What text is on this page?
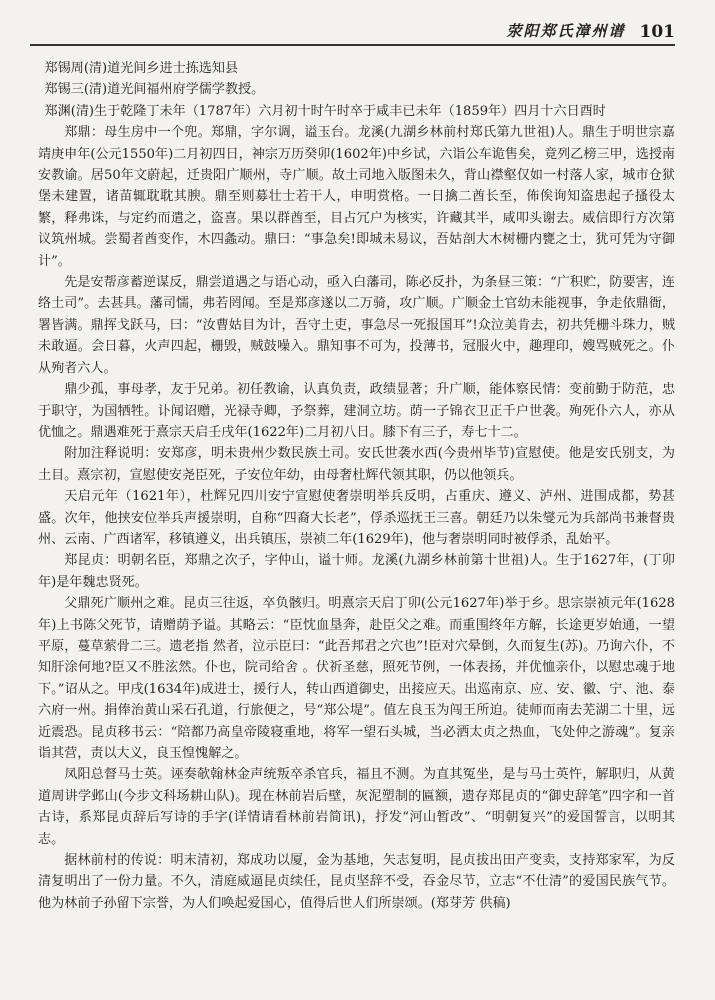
荥阳郑氏漳州谱 101

郑锡周(清)道光间乡进士拣选知县

郑锡三(清)道光间福州府学儒学教授。

郑渊(清)生于乾隆丁未年（1787年）六月初十时午时卒于咸丰已未年（1859年）四月十六日酉时

郑鼎：母生房中一个兜。郑鼎，字尔调，谥玉台。龙溪(九湖乡林前村郑氏第九世祖)人。鼎生于明世宗嘉靖庚申年(公元1550年)二月初四日，神宗万历癸卯(1602年)中乡试，六诣公车诡售矣，竟列乙榜三甲，选授南安教谕。居50年文蔚起，迁贵阳广顺州，寺广顺。故土司地入版图未久，背山襟壑仅如一村落人家，城市仓狱堡未建置，诸苗辄耽耽其腴。鼎至则募壮士若干人，申明赏格。一日擒二酋长至，佈俟询知盗患起子搔役太繁，释弗诛，与定约而遣之，盗喜。果以群酋至，目占冗户为核实，许藏其半，咸叩头谢去。威信即行方次第议筑州城。尝蜀者酋变作，木四螽动。鼎曰：“事急矣!即城未易议，吾姑剖大木树栅内甕之士，犹可凭为守御计”。

先是安帮彦蓄逆谋反，鼎尝道遇之与语心动，亟入白藩司，陈必反扑，为条昼三策：“广积贮，防要害，连络土司”。去甚具。藩司懦，弗若罔闻。至是郑彦遂以二万骑，攻广顺。广顺金土官幼未能视事，争走依鼎衙，署皆满。鼎挥戈跃马，曰：“汝曹姑目为计，吾守土吏，事急尽一死报国耳”!众泣美肯去，初共凭栅斗珠力，贼未敢逼。会日暮，火声四起，栅毁，贼鼓噪入。鼎知事不可为，投薄书，冠服火中，趣理印，嫂骂贼死之。仆从殉者六人。

鼎少孤，事母孝，友于兄弟。初任教谕，认真负责，政绩显著；升广顺，能体察民情：变前勤于防范，忠于职守，为国牺牲。讣闻诏赠，光禄寺卿，予祭葬，建洞立坊。荫一子锦衣卫正千户世袭。殉死仆六人，亦从优恤之。鼎遇难死于熹宗天启壬戌年(1622年)二月初八日。膝下有三子，寿七十二。

附加注释说明：安郑彦，明未贵州少数民族土司。安氏世袭水西(今贵州毕节)宣慰使。他是安氏别支，为土目。熹宗初，宣慰使安尧臣死，子安位年幼，由母奢杜辉代领其职，仍以他领兵。

天启元年（1621年），杜辉兄四川安宁宣慰使奢崇明举兵反明，占重庆、遵义、泸州、进围成都，势甚盛。次年，他挟安位举兵声援崇明，自称“四裔大长老”，俘杀巡抚王三喜。朝廷乃以朱燮元为兵部尚书兼督贵州、云南、广西诸军，移镇遵义，出兵镇压，崇祯二年(1629年)，他与奢崇明同时被俘杀，乱始平。

郑昆贞：明朝名臣，郑鼎之次子，字仲山，谥十师。龙溪(九湖乡林前第十世祖)人。生于1627年，(丁卯年)是年魏忠贤死。

父鼎死广顺州之难。昆贞三往返，卒负骸归。明熹宗天启丁卯(公元1627年)举于乡。思宗崇祯元年(1628年)上书陈父死节，请赠荫予谥。其略云：“臣忱血垦奔，赴臣父之难。而重围终年方解，长途更岁始通，一望平原，蔓草萦骨二三。遗老指 然者，泣示臣曰：“此吾邦君之穴也”!臣对穴晕倒，久而复生(苏)。乃询六仆，不知肝涂何地?臣又不胜泫然。仆也，院司给舍 。伏祈圣慈，照死节例，一体表扬，并优恤亲仆，以慰忠魂于地下。”诏从之。甲戌(1634年)成进士，援行人，转山西道御史，出接应天。出巡南京、应、安、徽、宁、池、泰六府一州。捐俸治黄山采石孔道，行旅便之，号“郑公堤”。值左良玉为闯王所迫。徒师而南去芜湖二十里，远近震恐。昆贞移书云：“陪都乃高皇帝陵寝重地，将军一望石头城，当必洒太贞之热血，飞处仲之游魂”。复亲诣其营，责以大义，良玉惶愧解之。

凤阳总督马士英。诬奏欹翰林金声统叛卒杀官兵，福且不测。为直其冤坐，是与马士英忤，解职归，从黄道周讲学邺山(今步文科场耕山队)。现在林前岩后壁，灰泥塑制的匾额，遗存郑昆贞的“御史辞笔”四字和一首古诗，系郑昆贞辞后写诗的手字(详情请看林前岩简讯)，抒发“河山暂改”、“明朝复兴”的爱国誓言，以明其志。

据林前村的传说：明末清初，郑成功以厦，金为基地，矢志复明，昆贞拔出田产变卖，支持郑家军，为反清复明出了一份力量。不久，清庭威逼昆贞续任，昆贞坚辞不受，吞金尽节，立志“不仕清”的爱国民族气节。他为林前子孙留下宗誉，为人们唤起爱国心，值得后世人们所崇颂。(郑芽芳 供稿)
